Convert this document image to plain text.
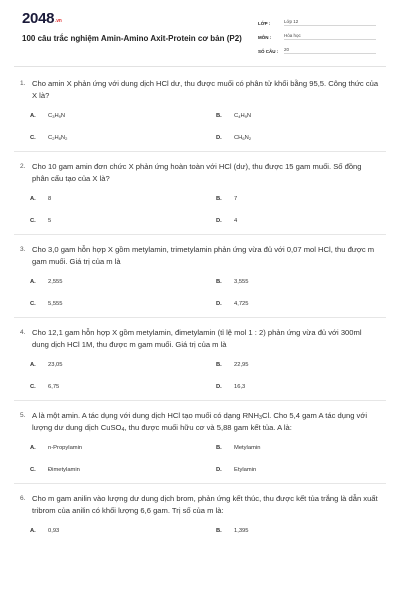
2048.vn
100 câu trắc nghiệm Amin-Amino Axit-Protein cơ bản (P2)
LỚP :	Lớp 12
MÔN :	Hóa học
SỐ CÂU :	20
1. Cho amin X phản ứng với dung dịch HCl dư, thu được muối có phân tử khối bằng 95,5. Công thức của X là?
A.	$C_3H_9N$	B.	$C_4H_9N$
C.	$C_2H_8N_2$	D.	$CH_6N_2$
2. Cho 10 gam amin đơn chức X phản ứng hoàn toàn với HCl (dư), thu được 15 gam muối. Số đồng phân cấu tạo của X là?
A.	8	B.	7
C.	5	D.	4
3. Cho 3,0 gam hỗn hợp X gồm metylamin, trimetylamin phản ứng vừa đủ với 0,07 mol HCl, thu được m gam muối. Giá trị của m là
A.	2,555	B.	3,555
C.	5,555	D.	4,725
4. Cho 12,1 gam hỗn hợp X gồm metylamin, đimetylamin (tỉ lệ mol 1 : 2) phản ứng vừa đủ với 300ml dung dịch HCl 1M, thu được m gam muối. Giá trị của m là
A.	23,05	B.	22,95
C.	6,75	D.	16,3
5. A là một amin. A tác dụng với dung dịch HCl tạo muối có dạng $RNH_3Cl$. Cho 5,4 gam A tác dụng với lượng dư dung dịch CuSO$_4$, thu được muối hữu cơ và 5,88 gam kết tủa. A là:
A.	n-Propylamin	B.	Metylamin
C.	Đimetylamin	D.	Etylamin
6. Cho m gam anilin vào lượng dư dung dịch brom, phản ứng kết thúc, thu được kết tủa trắng là dẫn xuất tribrom của anilin có khối lượng 6,6 gam. Trị số của m là:
A.	0,93	B.	1,395
